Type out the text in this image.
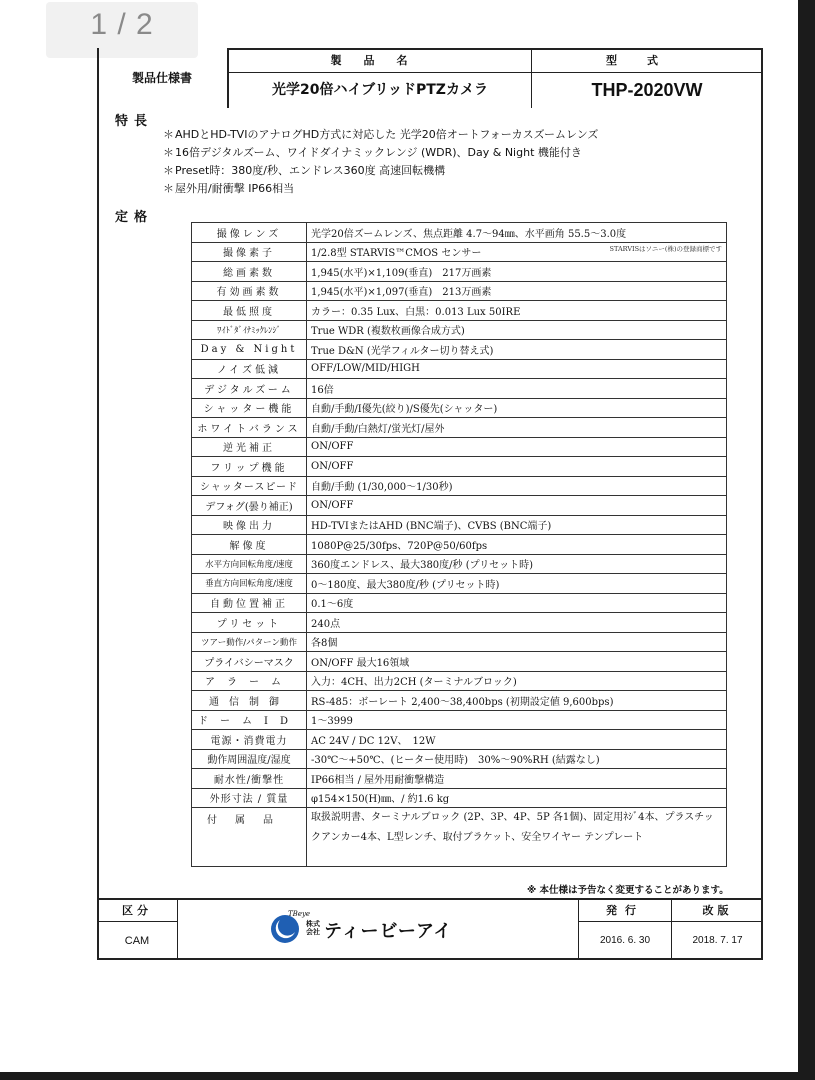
1 / 2
製品仕様書
製品名	型式
光学20倍ハイブリッドPTZカメラ	THP-2020VW
特長
＊AHDとHD-TVIのアナログHD方式に対応した 光学20倍オートフォーカスズームレンズ
＊16倍デジタルズーム、ワイドダイナミックレンジ (WDR)、Day & Night 機能付き
＊Preset時：380度/秒、エンドレス360度 高速回転機構
＊屋外用/耐衝撃 IP66相当
定格
撮像レンズ	光学20倍ズームレンズ、焦点距離 4.7〜94㎜、水平画角 55.5〜3.0度
撮像素子	1/2.8型 STARVIS™CMOS センサー STARVISはソニー(株)の登録商標です

総画素数	1,945(水平)×1,109(垂直)　217万画素
有効画素数	1,945(水平)×1,097(垂直)　213万画素
最低照度	カラー：0.35 Lux、白黒：0.013 Lux 50IRE
ﾜｲﾄﾞﾀﾞｲﾅﾐｯｸﾚﾝｼﾞ	True WDR (複数枚画像合成方式)
Day & Night	True D&N (光学フィルター切り替え式)
ノイズ低減	OFF/LOW/MID/HIGH
デジタルズーム	16倍
シャッター機能	自動/手動/I優先(絞り)/S優先(シャッター)
ホワイトバランス	自動/手動/白熱灯/蛍光灯/屋外
逆光補正	ON/OFF
フリップ機能	ON/OFF
シャッタースピード	自動/手動 (1/30,000〜1/30秒)
デフォグ(曇り補正)	ON/OFF
映像出力	HD-TVIまたはAHD (BNC端子)、CVBS (BNC端子)
解像度	1080P@25/30fps、720P@50/60fps
水平方向回転角度/速度	360度エンドレス、最大380度/秒 (プリセット時)
垂直方向回転角度/速度	0〜180度、最大380度/秒 (プリセット時)
自動位置補正	0.1〜6度
プリセット	240点
ツアー動作/パターン動作	各8個
プライバシーマスク	ON/OFF 最大16領域
アラーム	入力：4CH、出力2CH (ターミナルブロック)
通信制御	RS-485：ボーレート 2,400〜38,400bps (初期設定値 9,600bps)
ドームID	1〜3999
電源・消費電力	AC 24V / DC 12V、　12W
動作周囲温度/湿度	-30℃〜+50℃、(ヒーター使用時)　30%〜90%RH (結露なし)
耐水性/衝撃性	IP66相当 / 屋外用耐衝撃構造
外形寸法 / 質量	φ154×150(H)㎜、/ 約1.6 kg
付属品	取扱説明書、ターミナルブロック (2P、3P、4P、5P 各1個)、固定用ﾈｼﾞ4本、プラスチックアンカー4本、L型レンチ、取付ブラケット、安全ワイヤー テンプレート
※ 本仕様は予告なく変更することがあります。
区分
CAM
TBeye
株式会社 ティービーアイ
発行	改版
2016. 6. 30	2018. 7. 17
